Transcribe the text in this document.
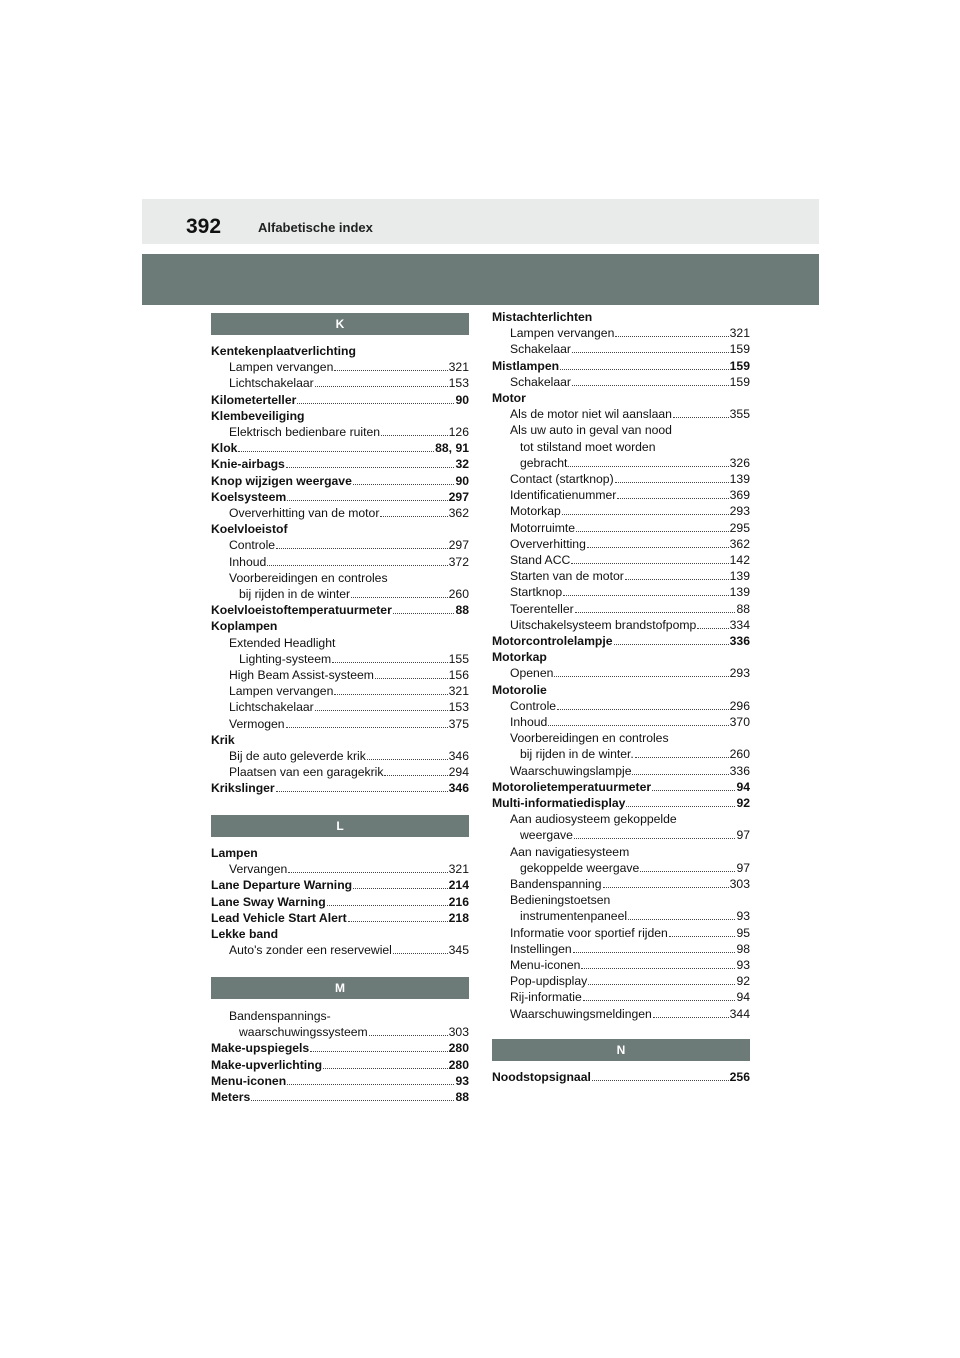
392	Alfabetische index
K
Kentekenplaatverlichting
Lampen vervangen	321
Lichtschakelaar	153
Kilometerteller	90
Klembeveiliging
Elektrisch bedienbare ruiten	126
Klok	88, 91
Knie-airbags	32
Knop wijzigen weergave	90
Koelsysteem	297
Oververhitting van de motor	362
Koelvloeistof
Controle	297
Inhoud	372
Voorbereidingen en controles
bij rijden in de winter	260
Koelvloeistoftemperatuurmeter	88
Koplampen
Extended Headlight
Lighting-systeem	155
High Beam Assist-systeem	156
Lampen vervangen	321
Lichtschakelaar	153
Vermogen	375
Krik
Bij de auto geleverde krik	346
Plaatsen van een garagekrik	294
Krikslinger	346
L
Lampen
Vervangen	321
Lane Departure Warning	214
Lane Sway Warning	216
Lead Vehicle Start Alert	218
Lekke band
Auto's zonder een reservewiel	345
M
Bandenspannings-
waarschuwingssysteem	303
Make-upspiegels	280
Make-upverlichting	280
Menu-iconen	93
Meters	88
Mistachterlichten
Lampen vervangen	321
Schakelaar	159
Mistlampen	159
Schakelaar	159
Motor
Als de motor niet wil aanslaan	355
Als uw auto in geval van nood
tot stilstand moet worden
gebracht	326
Contact (startknop)	139
Identificatienummer	369
Motorkap	293
Motorruimte	295
Oververhitting	362
Stand ACC	142
Starten van de motor	139
Startknop	139
Toerenteller	88
Uitschakelsysteem brandstofpomp	334
Motorcontrolelampje	336
Motorkap
Openen	293
Motorolie
Controle	296
Inhoud	370
Voorbereidingen en controles
bij rijden in de winter.	260
Waarschuwingslampje	336
Motorolietemperatuurmeter	94
Multi-informatiedisplay	92
Aan audiosysteem gekoppelde
weergave	97
Aan navigatiesysteem
gekoppelde weergave	97
Bandenspanning	303
Bedieningstoetsen
instrumentenpaneel	93
Informatie voor sportief rijden	95
Instellingen	98
Menu-iconen	93
Pop-updisplay	92
Rij-informatie	94
Waarschuwingsmeldingen	344
N
Noodstopsignaal	256
